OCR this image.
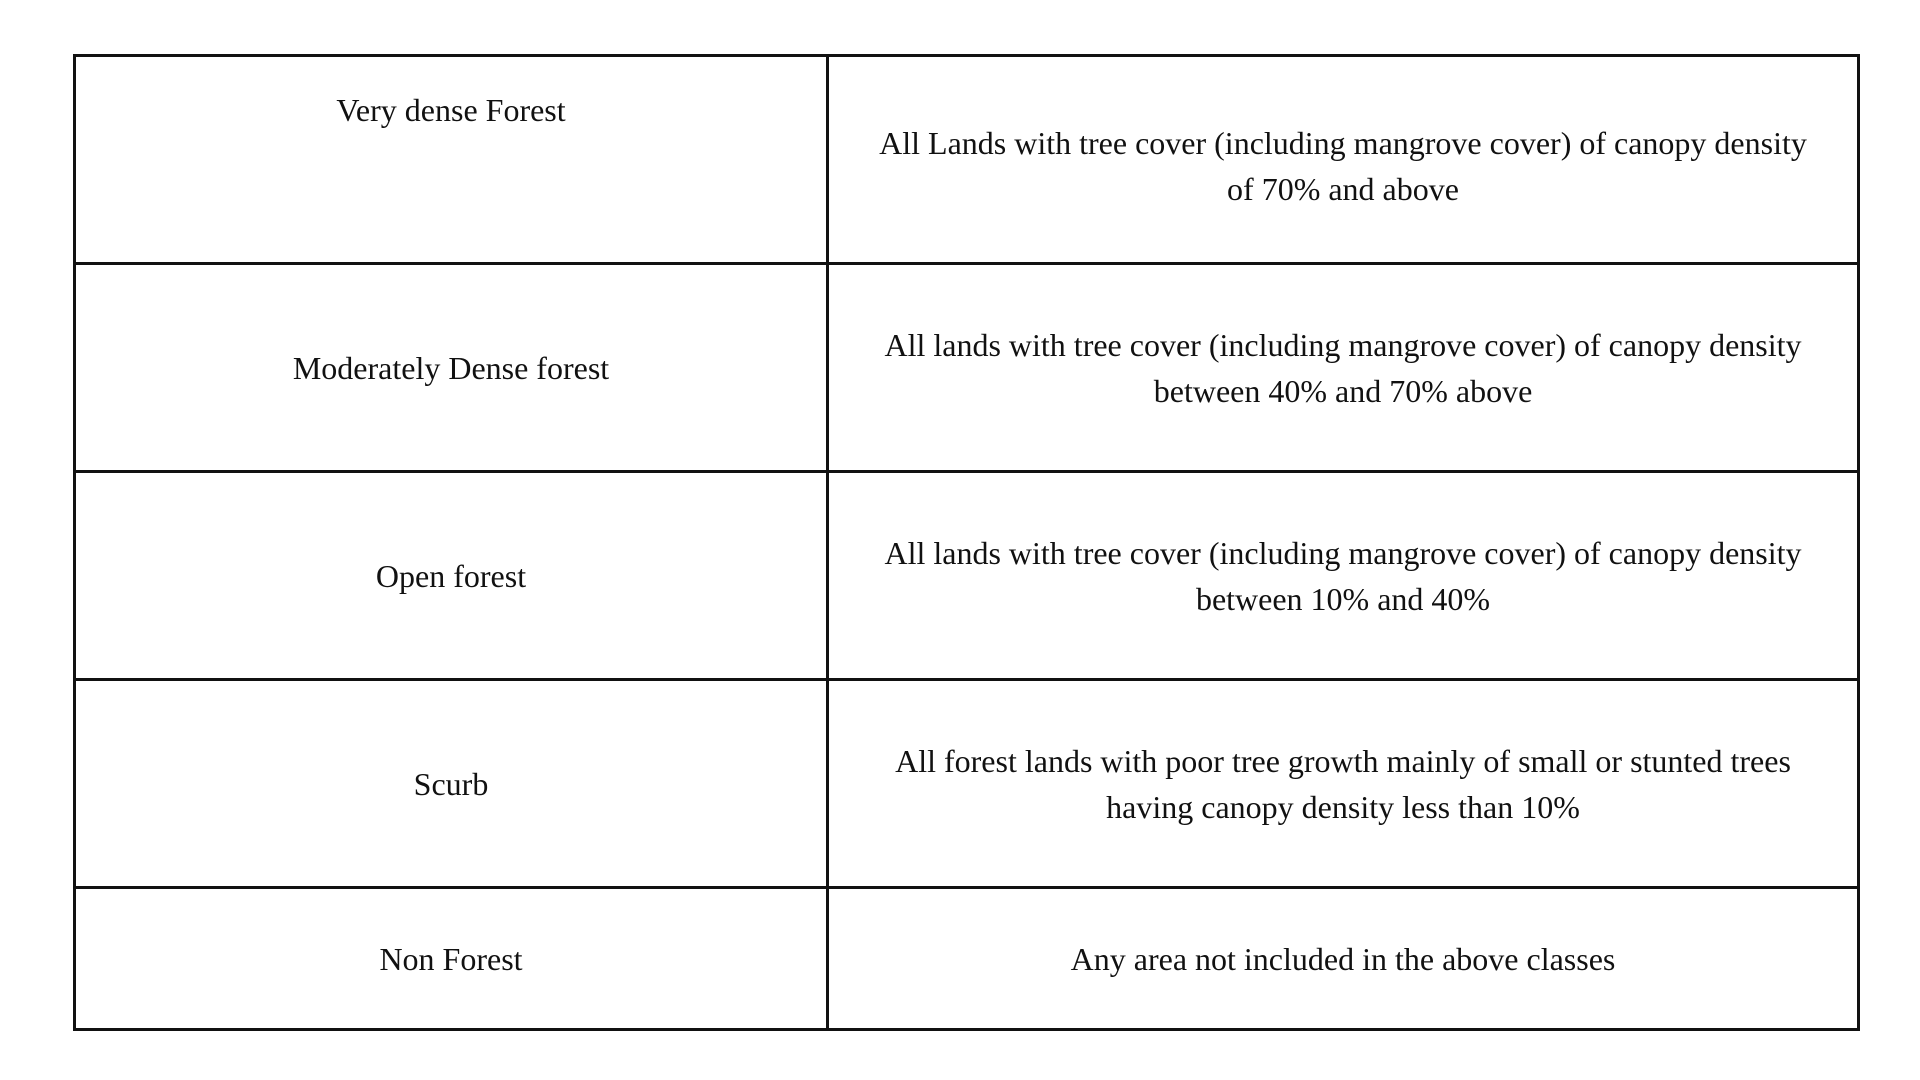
Very dense Forest	All Lands with tree cover (including mangrove cover) of canopy density of 70% and above
Moderately Dense forest	All lands with tree cover (including mangrove cover) of canopy density between 40% and 70% above
Open forest	All lands with tree cover (including mangrove cover) of canopy density between 10% and 40%
Scurb	All forest lands with poor tree growth mainly of small or stunted trees having canopy density less than 10%
Non Forest	Any area not included in the above classes
